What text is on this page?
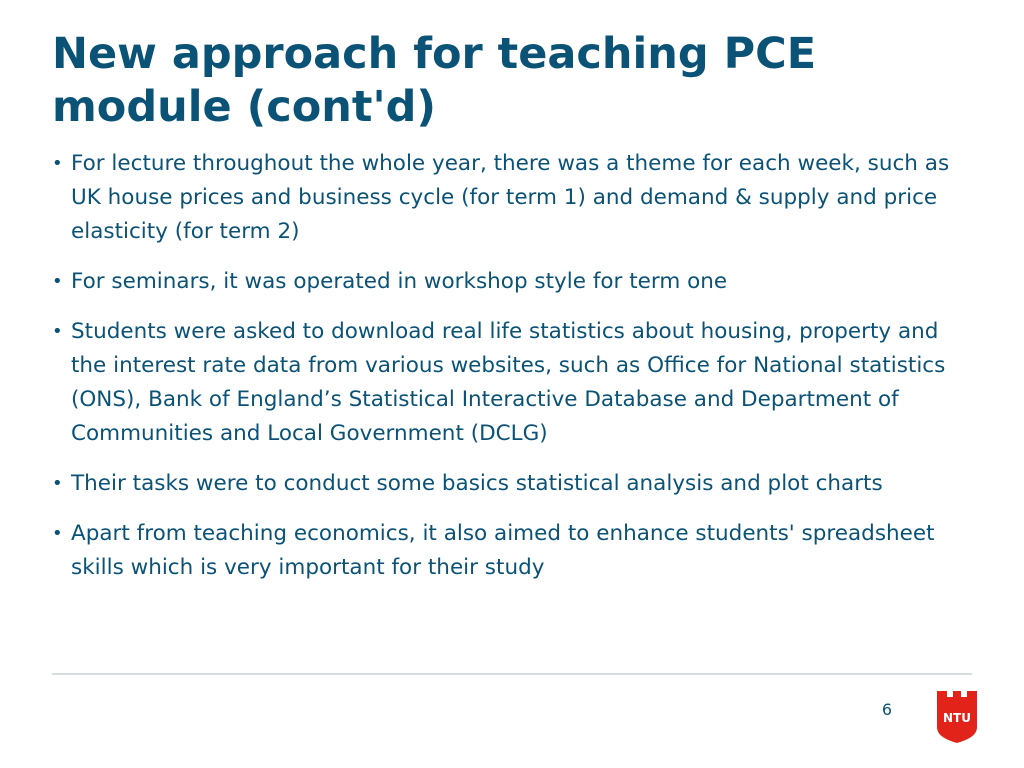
New approach for teaching PCE module (cont'd)
• For lecture throughout the whole year, there was a theme for each week, such as UK house prices and business cycle (for term 1) and demand & supply and price elasticity (for term 2)
• For seminars, it was operated in workshop style for term one
• Students were asked to download real life statistics about housing, property and the interest rate data from various websites, such as Office for National statistics (ONS), Bank of England’s Statistical Interactive Database and Department of Communities and Local Government (DCLG)
• Their tasks were to conduct some basics statistical analysis and plot charts
• Apart from teaching economics, it also aimed to enhance students' spreadsheet skills which is very important for their study
6	NTU
